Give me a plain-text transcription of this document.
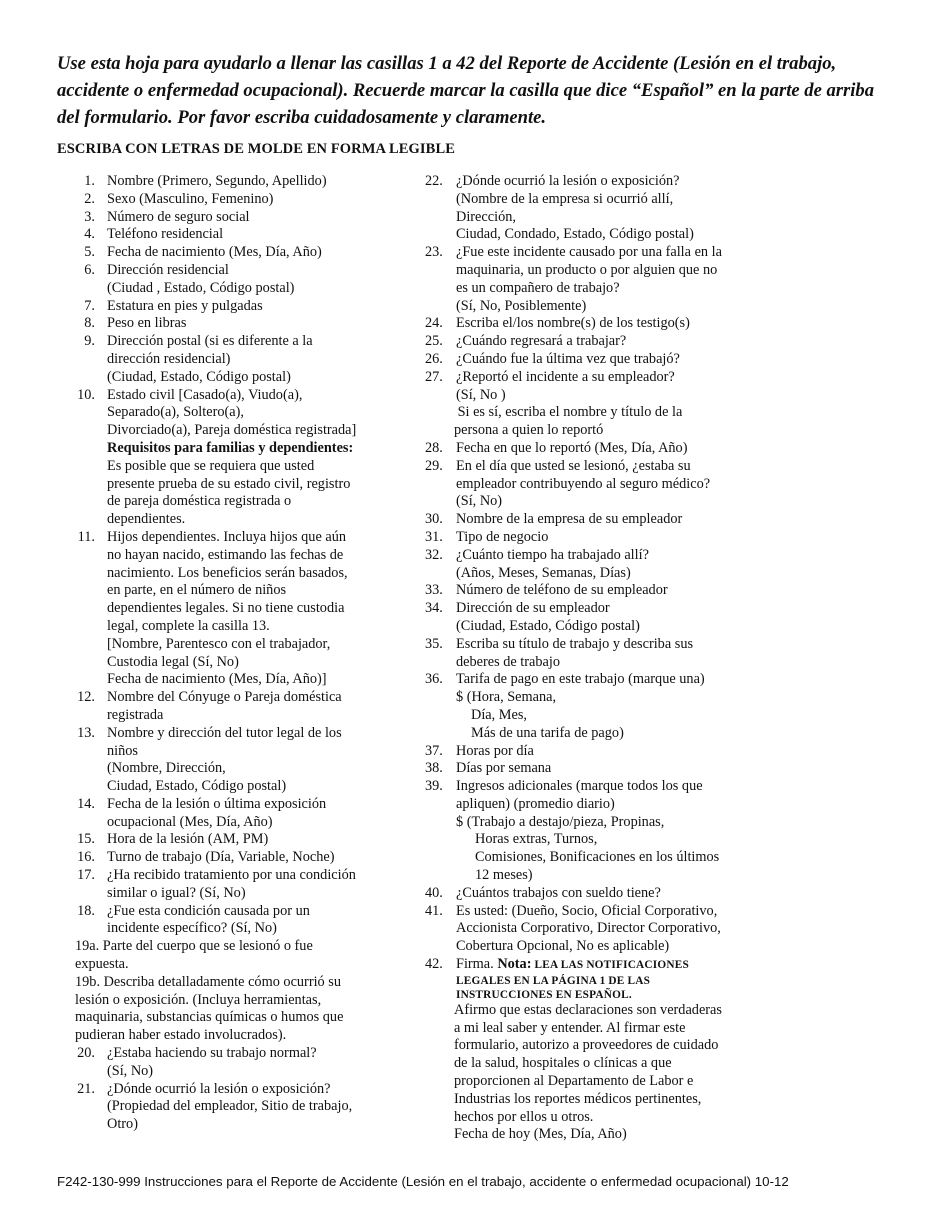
Use esta hoja para ayudarlo a llenar las casillas 1 a 42 del Reporte de Accidente (Lesión en el trabajo, accidente o enfermedad ocupacional). Recuerde marcar la casilla que dice “Español” en la parte de arriba del formulario. Por favor escriba cuidadosamente y claramente.

ESCRIBA CON LETRAS DE MOLDE EN FORMA LEGIBLE

1. Nombre (Primero, Segundo, Apellido)
2. Sexo (Masculino, Femenino)
3. Número de seguro social
4. Teléfono residencial
5. Fecha de nacimiento (Mes, Día, Año)
6. Dirección residencial
(Ciudad , Estado, Código postal)
7. Estatura en pies y pulgadas
8. Peso en libras
9. Dirección postal (si es diferente a la
dirección residencial)
(Ciudad, Estado, Código postal)
10. Estado civil [Casado(a), Viudo(a),
Separado(a), Soltero(a),
Divorciado(a), Pareja doméstica registrada]
Requisitos para familias y dependientes:
Es posible que se requiera que usted
presente prueba de su estado civil, registro
de pareja doméstica registrada o
dependientes.
11. Hijos dependientes. Incluya hijos que aún
no hayan nacido, estimando las fechas de
nacimiento. Los beneficios serán basados,
en parte, en el número de niños
dependientes legales. Si no tiene custodia
legal, complete la casilla 13.
[Nombre, Parentesco con el trabajador,
Custodia legal (Sí, No)
Fecha de nacimiento (Mes, Día, Año)]
12. Nombre del Cónyuge o Pareja doméstica
registrada
13. Nombre y dirección del tutor legal de los
niños
(Nombre, Dirección,
Ciudad, Estado, Código postal)
14. Fecha de la lesión o última exposición
ocupacional (Mes, Día, Año)
15. Hora de la lesión (AM, PM)
16. Turno de trabajo (Día, Variable, Noche)
17. ¿Ha recibido tratamiento por una condición
similar o igual? (Sí, No)
18. ¿Fue esta condición causada por un
incidente específico? (Sí, No)
19a. Parte del cuerpo que se lesionó o fue
expuesta.
19b. Describa detalladamente cómo ocurrió su
lesión o exposición. (Incluya herramientas,
maquinaria, substancias químicas o humos que
pudieran haber estado involucrados).
20. ¿Estaba haciendo su trabajo normal?
(Sí, No)
21. ¿Dónde ocurrió la lesión o exposición?
(Propiedad del empleador, Sitio de trabajo,
Otro)
22. ¿Dónde ocurrió la lesión o exposición?
(Nombre de la empresa si ocurrió allí,
Dirección,
Ciudad, Condado, Estado, Código postal)
23. ¿Fue este incidente causado por una falla en la
maquinaria, un producto o por alguien que no
es un compañero de trabajo?
(Sí, No, Posiblemente)
24. Escriba el/los nombre(s) de los testigo(s)
25. ¿Cuándo regresará a trabajar?
26. ¿Cuándo fue la última vez que trabajó?
27. ¿Reportó el incidente a su empleador?
(Sí, No )
Si es sí, escriba el nombre y título de la
persona a quien lo reportó
28. Fecha en que lo reportó (Mes, Día, Año)
29. En el día que usted se lesionó, ¿estaba su
empleador contribuyendo al seguro médico?
(Sí, No)
30. Nombre de la empresa de su empleador
31. Tipo de negocio
32. ¿Cuánto tiempo ha trabajado allí?
(Años, Meses, Semanas, Días)
33. Número de teléfono de su empleador
34. Dirección de su empleador
(Ciudad, Estado, Código postal)
35. Escriba su título de trabajo y describa sus
deberes de trabajo
36. Tarifa de pago en este trabajo (marque una)
$ (Hora, Semana,
Día, Mes,
Más de una tarifa de pago)
37. Horas por día
38. Días por semana
39. Ingresos adicionales (marque todos los que
apliquen) (promedio diario)
$ (Trabajo a destajo/pieza, Propinas,
Horas extras, Turnos,
Comisiones, Bonificaciones en los últimos
12 meses)
40. ¿Cuántos trabajos con sueldo tiene?
41. Es usted: (Dueño, Socio, Oficial Corporativo,
Accionista Corporativo, Director Corporativo,
Cobertura Opcional, No es aplicable)
42. Firma. Nota: LEA LAS NOTIFICACIONES
LEGALES EN LA PÁGINA 1 DE LAS
INSTRUCCIONES EN ESPAÑOL.
Afirmo que estas declaraciones son verdaderas
a mi leal saber y entender. Al firmar este
formulario, autorizo a proveedores de cuidado
de la salud, hospitales o clínicas a que
proporcionen al Departamento de Labor e
Industrias los reportes médicos pertinentes,
hechos por ellos u otros.
Fecha de hoy (Mes, Día, Año)

F242-130-999 Instrucciones para el Reporte de Accidente (Lesión en el trabajo, accidente o enfermedad ocupacional) 10-12
